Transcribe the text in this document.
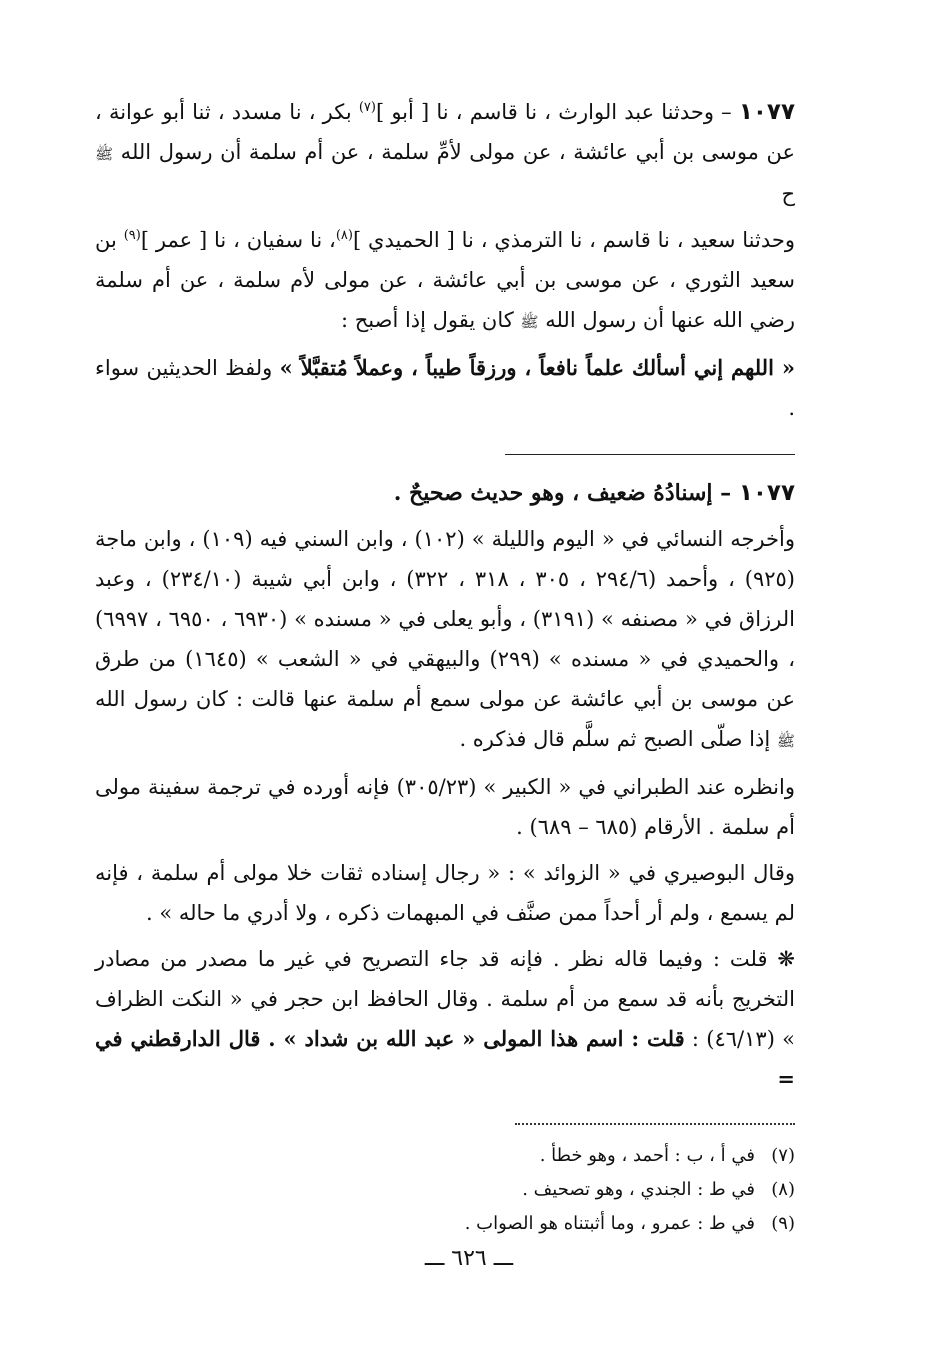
١٠٧٧ – وحدثنا عبد الوارث ، نا قاسم ، نا [ أبو ]$^{(٧)}$ بكر ، نا مسدد ، ثنا أبو عوانة ، عن موسى بن أبي عائشة ، عن مولى لأمِّ سلمة ، عن أم سلمة أن رسول الله ﷺ ح

وحدثنا سعيد ، نا قاسم ، نا الترمذي ، نا [ الحميدي ]$^{(٨)}$، نا سفيان ، نا [ عمر ]$^{(٩)}$ بن سعيد الثوري ، عن موسى بن أبي عائشة ، عن مولى لأم سلمة ، عن أم سلمة رضي الله عنها أن رسول الله ﷺ كان يقول إذا أصبح :

« اللهم إني أسألك علماً نافعاً ، ورزقاً طيباً ، وعملاً مُتقبَّلاً » ولفظ الحديثين سواء .

١٠٧٧ – إسنادُهُ ضعيف ، وهو حديث صحيحٌ .

وأخرجه النسائي في « اليوم والليلة » (١٠٢) ، وابن السني فيه (١٠٩) ، وابن ماجة (٩٢٥) ، وأحمد (٢٩٤/٦ ، ٣٠٥ ، ٣١٨ ، ٣٢٢) ، وابن أبي شيبة (٢٣٤/١٠) ، وعبد الرزاق في « مصنفه » (٣١٩١) ، وأبو يعلى في « مسنده » (٦٩٣٠ ، ٦٩٥٠ ، ٦٩٩٧) ، والحميدي في « مسنده » (٢٩٩) والبيهقي في « الشعب » (١٦٤٥) من طرق عن موسى بن أبي عائشة عن مولى سمع أم سلمة عنها قالت : كان رسول الله ﷺ إذا صلّى الصبح ثم سلَّم قال فذكره .

وانظره عند الطبراني في « الكبير » (٣٠٥/٢٣) فإنه أورده في ترجمة سفينة مولى أم سلمة . الأرقام (٦٨٥ – ٦٨٩) .

وقال البوصيري في « الزوائد » : « رجال إسناده ثقات خلا مولى أم سلمة ، فإنه لم يسمع ، ولم أر أحداً ممن صنَّف في المبهمات ذكره ، ولا أدري ما حاله » .

❋ قلت : وفيما قاله نظر . فإنه قد جاء التصريح في غير ما مصدر من مصادر التخريج بأنه قد سمع من أم سلمة . وقال الحافظ ابن حجر في « النكت الظراف » (٤٦/١٣) : قلت : اسم هذا المولى « عبد الله بن شداد » . قال الدارقطني في =

(٧)في أ ، ب : أحمد ، وهو خطأ .

(٨)في ط : الجندي ، وهو تصحيف .

(٩)في ط : عمرو ، وما أثبتناه هو الصواب .

ـــ ٦٢٦ ـــ
